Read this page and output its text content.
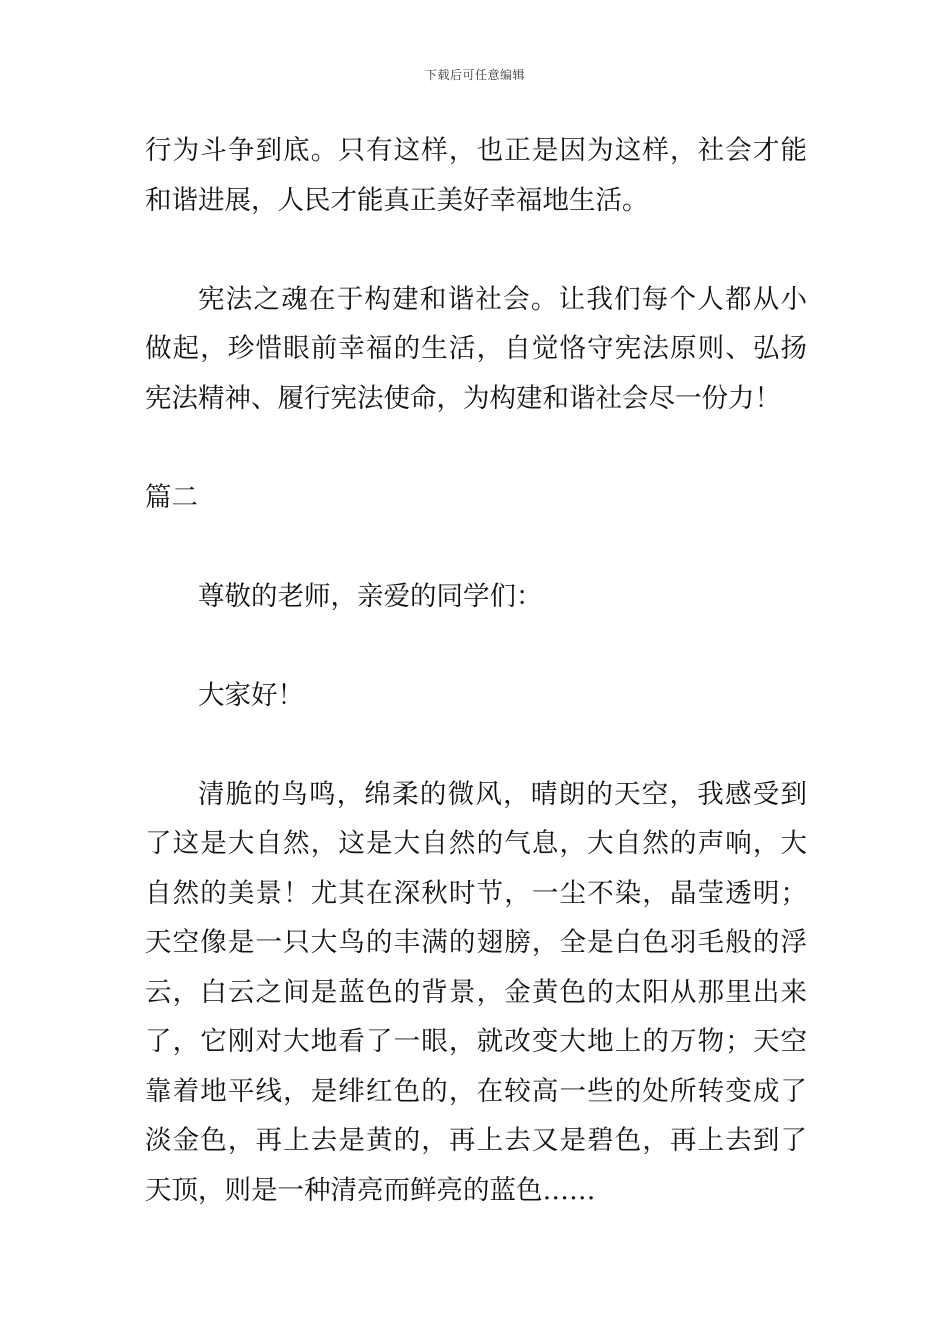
下载后可任意编辑

行为斗争到底。只有这样，也正是因为这样，社会才能和谐进展，人民才能真正美好幸福地生活。

宪法之魂在于构建和谐社会。让我们每个人都从小做起，珍惜眼前幸福的生活，自觉恪守宪法原则、弘扬宪法精神、履行宪法使命，为构建和谐社会尽一份力！

篇二

尊敬的老师，亲爱的同学们：

大家好！

清脆的鸟鸣，绵柔的微风，晴朗的天空，我感受到了这是大自然，这是大自然的气息，大自然的声响，大自然的美景！尤其在深秋时节，一尘不染，晶莹透明；天空像是一只大鸟的丰满的翅膀，全是白色羽毛般的浮云，白云之间是蓝色的背景，金黄色的太阳从那里出来了，它刚对大地看了一眼，就改变大地上的万物；天空靠着地平线，是绯红色的，在较高一些的处所转变成了淡金色，再上去是黄的，再上去又是碧色，再上去到了天顶，则是一种清亮而鲜亮的蓝色……
